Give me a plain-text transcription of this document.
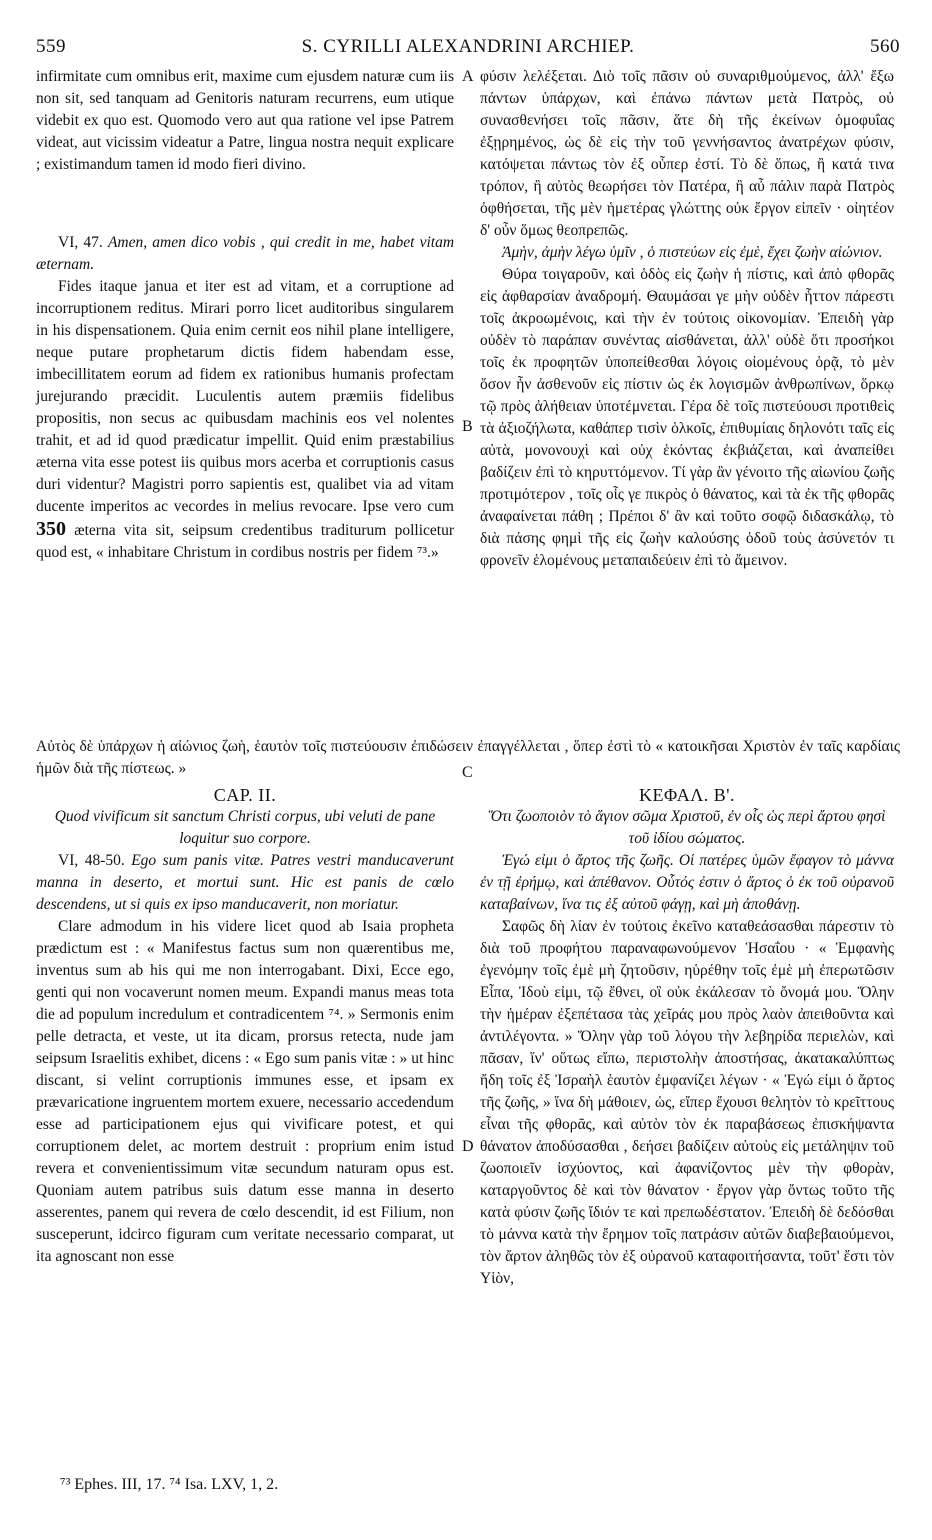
559	S. CYRILLI ALEXANDRINI ARCHIEP.	560
A
B
C
D

infirmitate cum omnibus erit, maxime cum ejusdem naturæ cum iis non sit, sed tanquam ad Genitoris naturam recurrens, eum utique videbit ex quo est. Quomodo vero aut qua ratione vel ipse Patrem videat, aut vicissim videatur a Patre, lingua nostra nequit explicare ; existimandum tamen id modo fieri divino.

VI, 47. Amen, amen dico vobis , qui credit in me, habet vitam æternam.

Fides itaque janua et iter est ad vitam, et a corruptione ad incorruptionem reditus. Mirari porro licet auditoribus singularem in his dispensationem. Quia enim cernit eos nihil plane intelligere, neque putare prophetarum dictis fidem habendam esse, imbecillitatem eorum ad fidem ex rationibus humanis profectam jurejurando præcidit. Luculentis autem præmiis fidelibus propositis, non secus ac quibusdam machinis eos vel nolentes trahit, et ad id quod prædicatur impellit. Quid enim præstabilius æterna vita esse potest iis quibus mors acerba et corruptionis casus duri videntur? Magistri porro sapientis est, qualibet via ad vitam ducente imperitos ac vecordes in melius revocare. Ipse vero cum 350 æterna vita sit, seipsum credentibus traditurum pollicetur quod est, « inhabitare Christum in cordibus nostris per fidem ⁷³.»

φύσιν λελέξεται. Διὸ τοῖς πᾶσιν οὐ συναριθμούμενος, ἀλλ' ἔξω πάντων ὑπάρχων, καὶ ἐπάνω πάντων μετὰ Πατρὸς, οὐ συνασθενήσει τοῖς πᾶσιν, ἅτε δὴ τῆς ἐκείνων ὁμοφυΐας ἐξῃρημένος, ὡς δὲ εἰς τὴν τοῦ γεννήσαντος ἀνατρέχων φύσιν, κατόψεται πάντως τὸν ἐξ οὗπερ ἐστί. Τὸ δὲ ὅπως, ἢ κατά τινα τρόπον, ἢ αὐτὸς θεωρήσει τὸν Πατέρα, ἢ αὖ πάλιν παρὰ Πατρὸς ὀφθήσεται, τῆς μὲν ἡμετέρας γλώττης οὐκ ἔργον εἰπεῖν · οἰητέον δ' οὖν ὅμως θεοπρεπῶς.

Ἀμὴν, ἀμὴν λέγω ὑμῖν , ὁ πιστεύων εἰς ἐμὲ, ἔχει ζωὴν αἰώνιον.

Θύρα τοιγαροῦν, καὶ ὁδὸς εἰς ζωὴν ἡ πίστις, καὶ ἀπὸ φθορᾶς εἰς ἀφθαρσίαν ἀναδρομή. Θαυμάσαι γε μὴν οὐδὲν ἧττον πάρεστι τοῖς ἀκροωμένοις, καὶ τὴν ἐν τούτοις οἰκονομίαν. Ἐπειδὴ γὰρ οὐδὲν τὸ παράπαν συνέντας αἰσθάνεται, ἀλλ' οὐδὲ ὅτι προσήκοι τοῖς ἐκ προφητῶν ὑποπείθεσθαι λόγοις οἰομένους ὁρᾷ, τὸ μὲν ὅσον ἦν ἀσθενοῦν εἰς πίστιν ὡς ἐκ λογισμῶν ἀνθρωπίνων, ὅρκῳ τῷ πρὸς ἀλήθειαν ὑποτέμνεται. Γέρα δὲ τοῖς πιστεύουσι προτιθεὶς τὰ ἀξιοζήλωτα, καθάπερ τισὶν ὁλκοῖς, ἐπιθυμίαις δηλονότι ταῖς εἰς αὐτὰ, μονονουχὶ καὶ οὐχ ἑκόντας ἐκβιάζεται, καὶ ἀναπείθει βαδίζειν ἐπὶ τὸ κηρυττόμενον. Τί γὰρ ἂν γένοιτο τῆς αἰωνίου ζωῆς προτιμότερον , τοῖς οἷς γε πικρὸς ὁ θάνατος, καὶ τὰ ἐκ τῆς φθορᾶς ἀναφαίνεται πάθη ; Πρέποι δ' ἂν καὶ τοῦτο σοφῷ διδασκάλῳ, τὸ διὰ πάσης φημὶ τῆς εἰς ζωὴν καλούσης ὁδοῦ τοὺς ἀσύνετόν τι φρονεῖν ἑλομένους μεταπαιδεύειν ἐπὶ τὸ ἄμεινον.

Αὐτὸς δὲ ὑπάρχων ἡ αἰώνιος ζωὴ, ἑαυτὸν τοῖς πιστεύουσιν ἐπιδώσειν ἐπαγγέλλεται , ὅπερ ἐστὶ τὸ « κατοικῆσαι Χριστὸν ἐν ταῖς καρδίαις ἡμῶν διὰ τῆς πίστεως. »

CAP. II.

Quod vivificum sit sanctum Christi corpus, ubi veluti de pane loquitur suo corpore.

VI, 48-50. Ego sum panis vitæ. Patres vestri manducaverunt manna in deserto, et mortui sunt. Hic est panis de cœlo descendens, ut si quis ex ipso manducaverit, non moriatur.

Clare admodum in his videre licet quod ab Isaia propheta prædictum est : « Manifestus factus sum non quærentibus me, inventus sum ab his qui me non interrogabant. Dixi, Ecce ego, genti qui non vocaverunt nomen meum. Expandi manus meas tota die ad populum incredulum et contradicentem ⁷⁴. » Sermonis enim pelle detracta, et veste, ut ita dicam, prorsus retecta, nude jam seipsum Israelitis exhibet, dicens : « Ego sum panis vitæ : » ut hinc discant, si velint corruptionis immunes esse, et ipsam ex prævaricatione ingruentem mortem exuere, necessario accedendum esse ad participationem ejus qui vivificare potest, et qui corruptionem delet, ac mortem destruit : proprium enim istud revera et convenientissimum vitæ secundum naturam opus est. Quoniam autem patribus suis datum esse manna in deserto asserentes, panem qui revera de cœlo descendit, id est Filium, non susceperunt, idcirco figuram cum veritate necessario comparat, ut ita agnoscant non esse

ΚΕΦΑΛ. Β'.

Ὅτι ζωοποιὸν τὸ ἅγιον σῶμα Χριστοῦ, ἐν οἷς ὡς περὶ ἄρτου φησὶ τοῦ ἰδίου σώματος.

Ἐγώ εἰμι ὁ ἄρτος τῆς ζωῆς. Οἱ πατέρες ὑμῶν ἔφαγον τὸ μάννα ἐν τῇ ἐρήμῳ, καὶ ἀπέθανον. Οὗτός ἐστιν ὁ ἄρτος ὁ ἐκ τοῦ οὐρανοῦ καταβαίνων, ἵνα τις ἐξ αὐτοῦ φάγῃ, καὶ μὴ ἀποθάνῃ.

Σαφῶς δὴ λίαν ἐν τούτοις ἐκεῖνο καταθεάσασθαι πάρεστιν τὸ διὰ τοῦ προφήτου παραναφωνούμενον Ἡσαΐου · « Ἐμφανὴς ἐγενόμην τοῖς ἐμὲ μὴ ζητοῦσιν, ηὑρέθην τοῖς ἐμὲ μὴ ἐπερωτῶσιν Εἶπα, Ἰδοὺ εἰμι, τῷ ἔθνει, οἳ οὐκ ἐκάλεσαν τὸ ὄνομά μου. Ὅλην τὴν ἡμέραν ἐξεπέτασα τὰς χεῖράς μου πρὸς λαὸν ἀπειθοῦντα καὶ ἀντιλέγοντα. » Ὅλην γὰρ τοῦ λόγου τὴν λεβηρίδα περιελὼν, καὶ πᾶσαν, ἵν' οὕτως εἴπω, περιστολὴν ἀποστήσας, ἀκατακαλύπτως ἤδη τοῖς ἐξ Ἰσραὴλ ἑαυτὸν ἐμφανίζει λέγων · « Ἐγώ εἰμι ὁ ἄρτος τῆς ζωῆς, » ἵνα δὴ μάθοιεν, ὡς, εἴπερ ἔχουσι θελητὸν τὸ κρεῖττους εἶναι τῆς φθορᾶς, καὶ αὐτὸν τὸν ἐκ παραβάσεως ἐπισκήψαντα θάνατον ἀποδύσασθαι , δεήσει βαδίζειν αὐτοὺς εἰς μετάληψιν τοῦ ζωοποιεῖν ἰσχύοντος, καὶ ἀφανίζοντος μὲν τὴν φθορὰν, καταργοῦντος δὲ καὶ τὸν θάνατον · ἔργον γὰρ ὄντως τοῦτο τῆς κατὰ φύσιν ζωῆς ἴδιόν τε καὶ πρεπωδέστατον. Ἐπειδὴ δὲ δεδόσθαι τὸ μάννα κατὰ τὴν ἔρημον τοῖς πατράσιν αὐτῶν διαβεβαιούμενοι, τὸν ἄρτον ἀληθῶς τὸν ἐξ οὐρανοῦ καταφοιτήσαντα, τοῦτ' ἔστι τὸν Υἱὸν,

⁷³ Ephes. III, 17. ⁷⁴ Isa. LXV, 1, 2.
